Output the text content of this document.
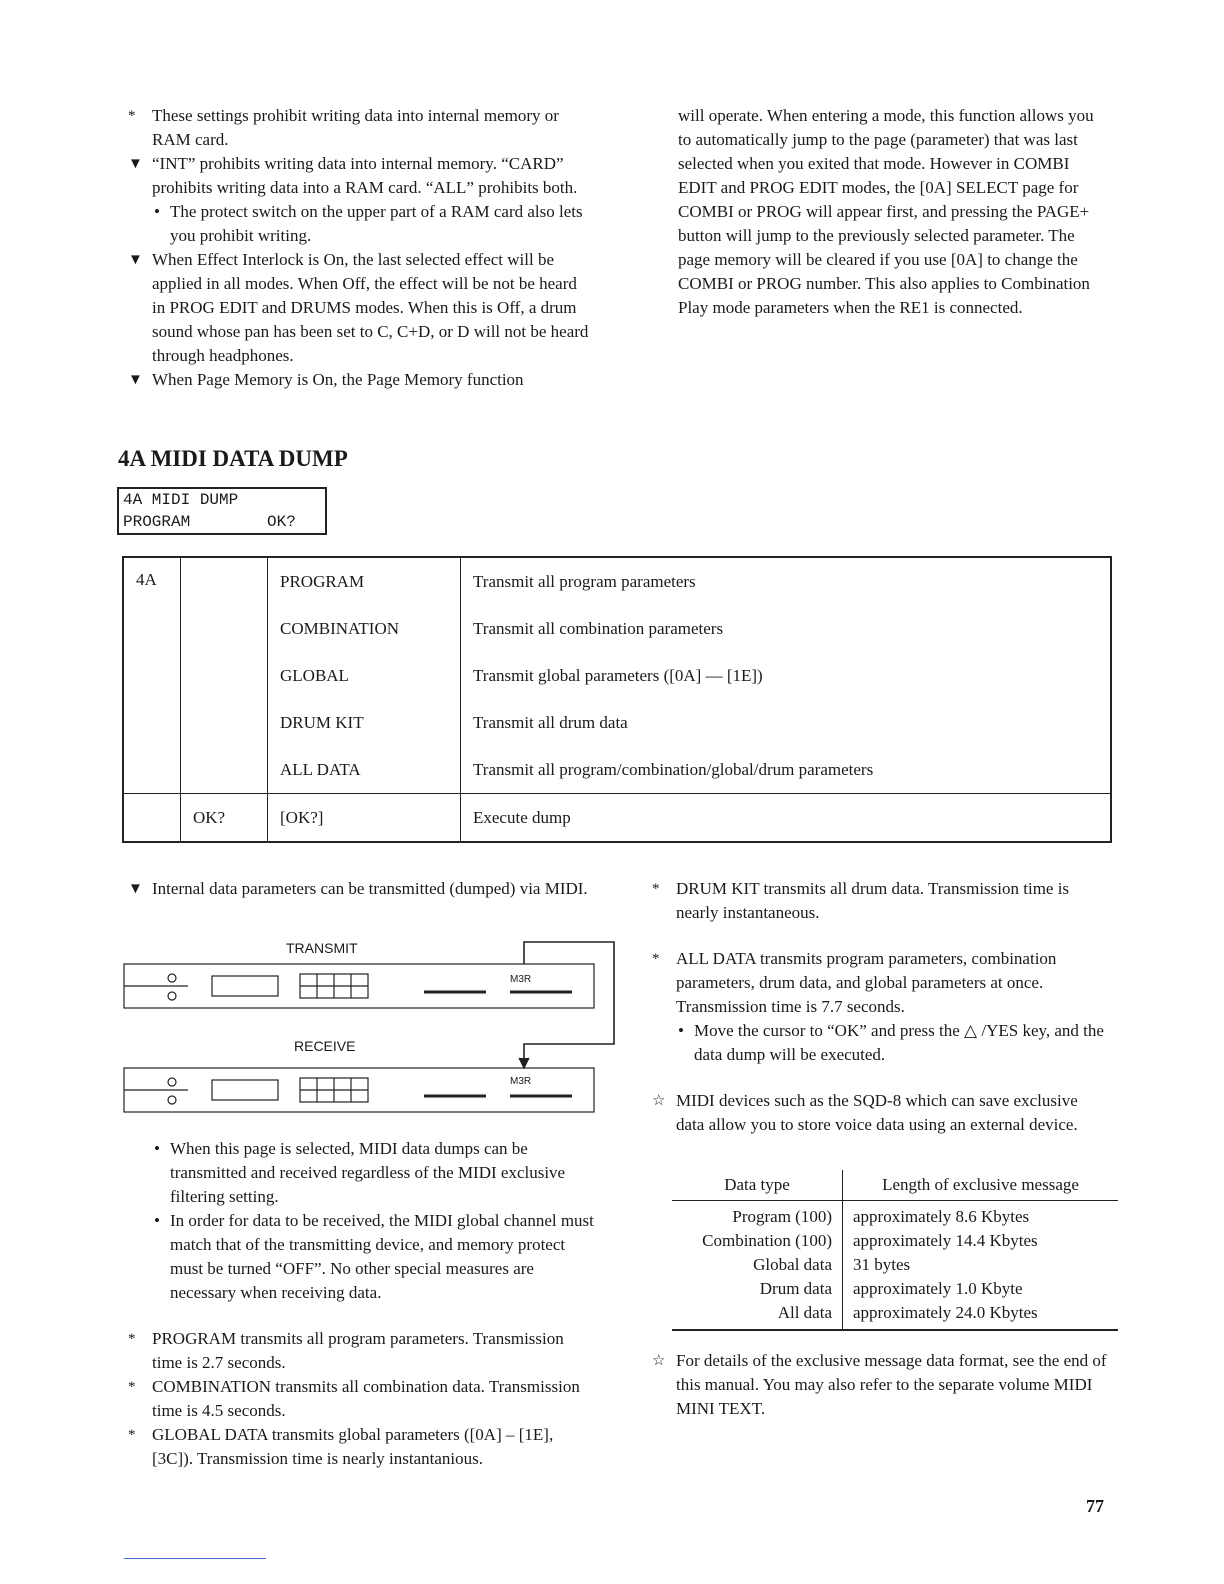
* These settings prohibit writing data into internal memory or RAM card.

▼ “INT” prohibits writing data into internal memory. “CARD” prohibits writing data into a RAM card. “ALL” prohibits both.

• The protect switch on the upper part of a RAM card also lets you prohibit writing.

▼ When Effect Interlock is On, the last selected effect will be applied in all modes. When Off, the effect will be not be heard in PROG EDIT and DRUMS modes. When this is Off, a drum sound whose pan has been set to C, C+D, or D will not be heard through headphones.

▼ When Page Memory is On, the Page Memory function

will operate. When entering a mode, this function allows you to automatically jump to the page (parameter) that was last selected when you exited that mode. However in COMBI EDIT and PROG EDIT modes, the [0A] SELECT page for COMBI or PROG will appear first, and pressing the PAGE+ button will jump to the previously selected parameter. The page memory will be cleared if you use [0A] to change the COMBI or PROG number. This also applies to Combination Play mode parameters when the RE1 is connected.

4A MIDI DATA DUMP
4A MIDI DUMP
PROGRAM        OK?
4A		PROGRAM	Transmit all program parameters
		COMBINATION	Transmit all combination parameters
		GLOBAL	Transmit global parameters ([0A] — [1E])
		DRUM KIT	Transmit all drum data
		ALL DATA	Transmit all program/combination/global/drum parameters
	OK?	[OK?]	Execute dump

▼ Internal data parameters can be transmitted (dumped) via MIDI.

TRANSMIT
RECEIVE
M3R
M3R

• When this page is selected, MIDI data dumps can be transmitted and received regardless of the MIDI exclusive filtering setting.

• In order for data to be received, the MIDI global channel must match that of the transmitting device, and memory protect must be turned “OFF”. No other special measures are necessary when receiving data.

* PROGRAM transmits all program parameters. Transmission time is 2.7 seconds.

* COMBINATION transmits all combination data. Transmission time is 4.5 seconds.

* GLOBAL DATA transmits global parameters ([0A] – [1E], [3C]). Transmission time is nearly instantanious.

* DRUM KIT transmits all drum data. Transmission time is nearly instantaneous.

* ALL DATA transmits program parameters, combination parameters, drum data, and global parameters at once. Transmission time is 7.7 seconds.

• Move the cursor to “OK” and press the △ /YES key, and the data dump will be executed.

☆ MIDI devices such as the SQD-8 which can save exclusive data allow you to store voice data using an external device.

Data type	Length of exclusive message
Program (100)	approximately 8.6 Kbytes
Combination (100)	approximately 14.4 Kbytes
Global data	31 bytes
Drum data	approximately 1.0 Kbyte
All data	approximately 24.0 Kbytes

☆ For details of the exclusive message data format, see the end of this manual. You may also refer to the separate volume MIDI MINI TEXT.

77
